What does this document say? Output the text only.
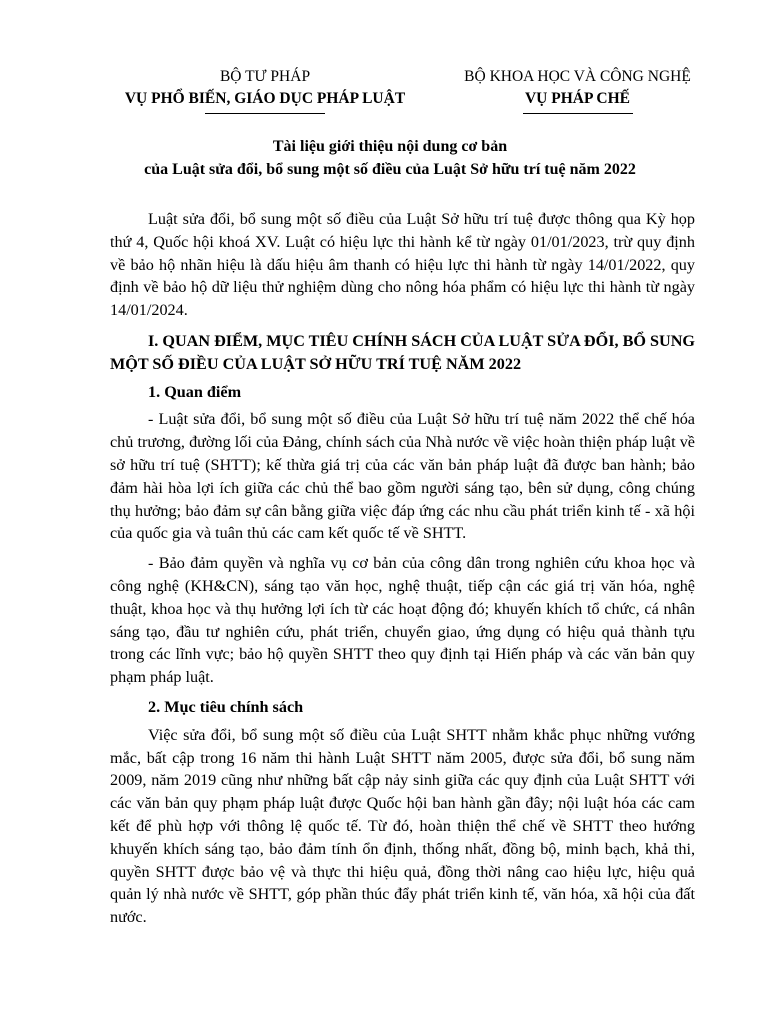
BỘ TƯ PHÁP
VỤ PHỔ BIẾN, GIÁO DỤC PHÁP LUẬT
BỘ KHOA HỌC VÀ CÔNG NGHỆ
VỤ PHÁP CHẾ
Tài liệu giới thiệu nội dung cơ bản
của Luật sửa đổi, bổ sung một số điều của Luật Sở hữu trí tuệ năm 2022

Luật sửa đổi, bổ sung một số điều của Luật Sở hữu trí tuệ được thông qua Kỳ họp thứ 4, Quốc hội khoá XV. Luật có hiệu lực thi hành kể từ ngày 01/01/2023, trừ quy định về bảo hộ nhãn hiệu là dấu hiệu âm thanh có hiệu lực thi hành từ ngày 14/01/2022, quy định về bảo hộ dữ liệu thử nghiệm dùng cho nông hóa phẩm có hiệu lực thi hành từ ngày 14/01/2024.

I. QUAN ĐIỂM, MỤC TIÊU CHÍNH SÁCH CỦA LUẬT SỬA ĐỔI, BỔ SUNG MỘT SỐ ĐIỀU CỦA LUẬT SỞ HỮU TRÍ TUỆ NĂM 2022
1. Quan điểm

- Luật sửa đổi, bổ sung một số điều của Luật Sở hữu trí tuệ năm 2022 thể chế hóa chủ trương, đường lối của Đảng, chính sách của Nhà nước về việc hoàn thiện pháp luật về sở hữu trí tuệ (SHTT); kế thừa giá trị của các văn bản pháp luật đã được ban hành; bảo đảm hài hòa lợi ích giữa các chủ thể bao gồm người sáng tạo, bên sử dụng, công chúng thụ hưởng; bảo đảm sự cân bằng giữa việc đáp ứng các nhu cầu phát triển kinh tế - xã hội của quốc gia và tuân thủ các cam kết quốc tế về SHTT.

- Bảo đảm quyền và nghĩa vụ cơ bản của công dân trong nghiên cứu khoa học và công nghệ (KH&CN), sáng tạo văn học, nghệ thuật, tiếp cận các giá trị văn hóa, nghệ thuật, khoa học và thụ hưởng lợi ích từ các hoạt động đó; khuyến khích tổ chức, cá nhân sáng tạo, đầu tư nghiên cứu, phát triển, chuyển giao, ứng dụng có hiệu quả thành tựu trong các lĩnh vực; bảo hộ quyền SHTT theo quy định tại Hiến pháp và các văn bản quy phạm pháp luật.

2. Mục tiêu chính sách

Việc sửa đổi, bổ sung một số điều của Luật SHTT nhằm khắc phục những vướng mắc, bất cập trong 16 năm thi hành Luật SHTT năm 2005, được sửa đổi, bổ sung năm 2009, năm 2019 cũng như những bất cập nảy sinh giữa các quy định của Luật SHTT với các văn bản quy phạm pháp luật được Quốc hội ban hành gần đây; nội luật hóa các cam kết để phù hợp với thông lệ quốc tế. Từ đó, hoàn thiện thể chế về SHTT theo hướng khuyến khích sáng tạo, bảo đảm tính ổn định, thống nhất, đồng bộ, minh bạch, khả thi, quyền SHTT được bảo vệ và thực thi hiệu quả, đồng thời nâng cao hiệu lực, hiệu quả quản lý nhà nước về SHTT, góp phần thúc đẩy phát triển kinh tế, văn hóa, xã hội của đất nước.
